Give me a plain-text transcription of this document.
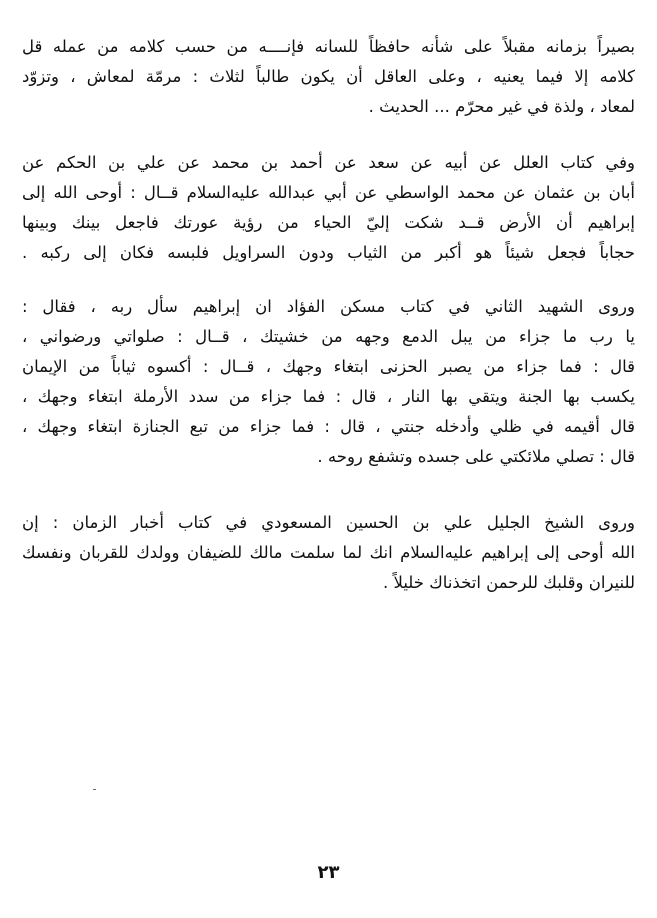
بصيراً بزمانه مقبلاً على شأنه حافظاً للسانه فإنــــه من حسب كلامه من عمله قل
كلامه إلا فيما يعنيه ، وعلى العاقل أن يكون طالباً لثلاث : مرمّة لمعاش ، وتزوّد
لمعاد ، ولذة في غير محرّم ... الحديث .
وفي كتاب العلل عن أبيه عن سعد عن أحمد بن محمد عن علي بن الحكم عن
أبان بن عثمان عن محمد الواسطي عن أبي عبدالله عليه‌السلام قــال : أوحى الله إلى
إبراهيم أن الأرض قــد شكت إليّ الحياء من رؤية عورتك فاجعل بينك وبينها
حجاباً فجعل شيئاً هو أكبر من الثياب ودون السراويل فلبسه فكان إلى ركبه .
وروى الشهيد الثاني في كتاب مسكن الفؤاد ان إبراهيم سأل ربه ، فقال :
يا رب ما جزاء من يبل الدمع وجهه من خشيتك ، قــال : صلواتي ورضواني ،
قال : فما جزاء من يصبر الحزنى ابتغاء وجهك ، قــال : أكسوه ثياباً من الإيمان
يكسب بها الجنة ويتقي بها النار ، قال : فما جزاء من سدد الأرملة ابتغاء وجهك ،
قال أقيمه في ظلي وأدخله جنتي ، قال : فما جزاء من تبع الجنازة ابتغاء وجهك ،
قال : تصلي ملائكتي على جسده وتشفع روحه .
وروى الشيخ الجليل علي بن الحسين المسعودي في كتاب أخبار الزمان : إن
الله أوحى إلى إبراهيم عليه‌السلام انك لما سلمت مالك للضيفان وولدك للقربان ونفسك
للنيران وقلبك للرحمن اتخذناك خليلاً .
٢٣
